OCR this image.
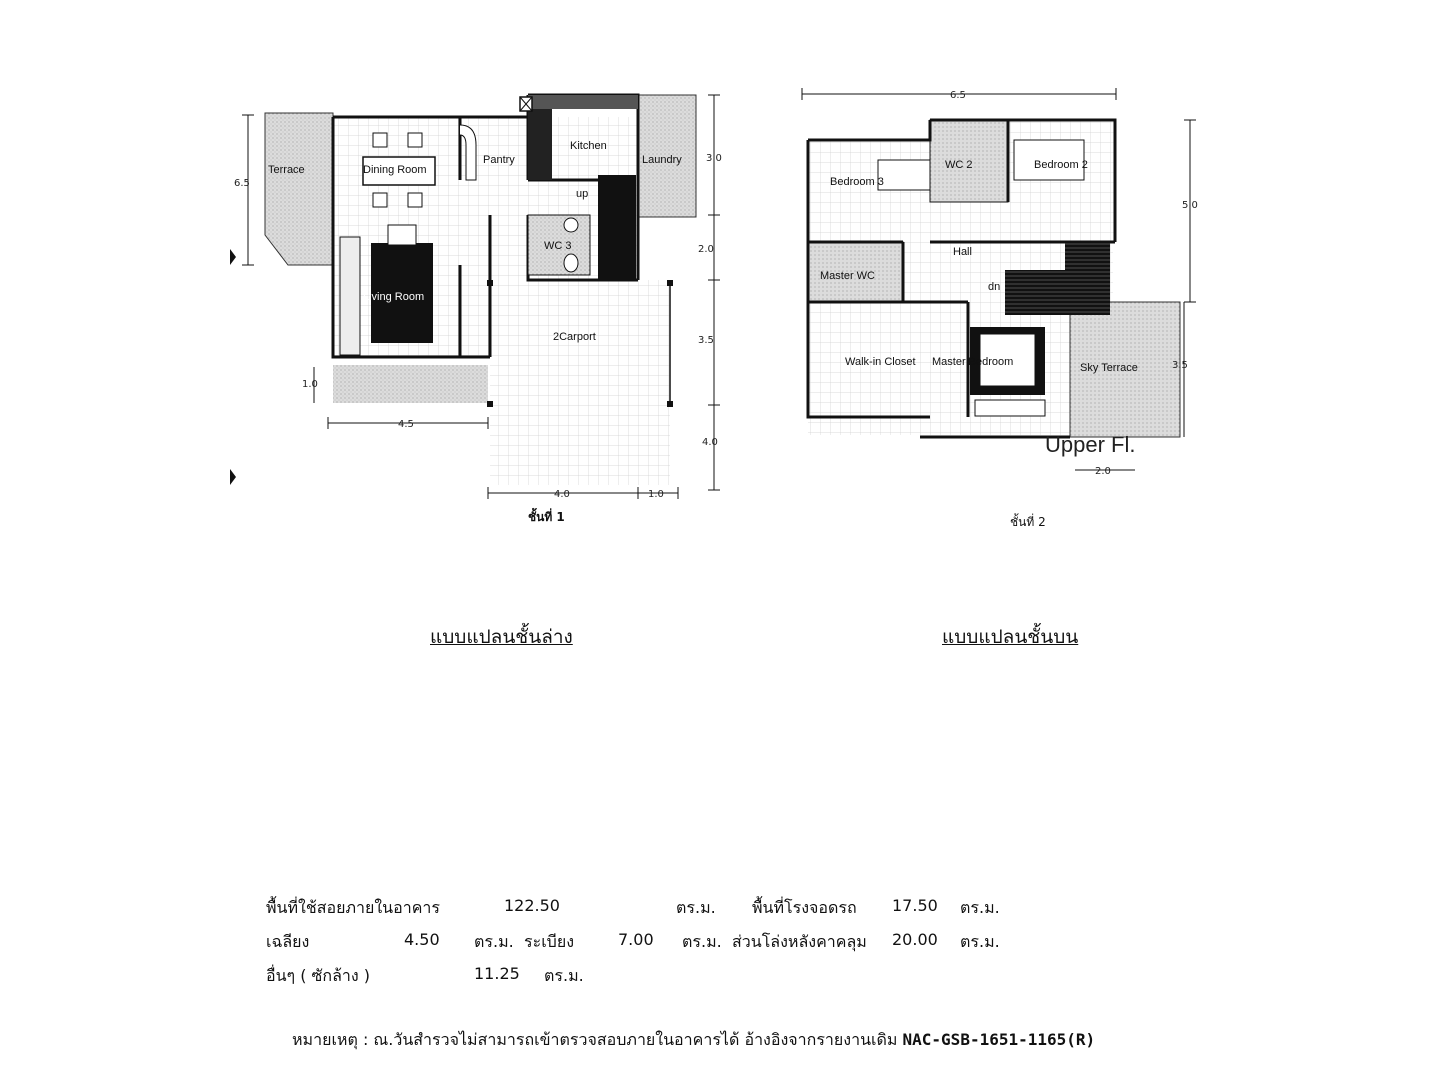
Terrace	Dining Room
Pantry
Kitchen
Laundry
up
WC 3
Living Room
2Carport
6.5
3.0
2.0
3.5
4.0
1.0
4.5
4.0	1.0
ชั้นที่ 1
Bedroom 3
WC 2	Bedroom 2
Hall
Master WC
dn
Walk-in Closet Master Bedroom	Sky Terrace
6.5
5.0
3.5
2.0
Upper Fl.
ชั้นที่ 2
แบบแปลนชั้นล่าง	แบบแปลนชั้นบน
พื้นที่ใช้สอยภายในอาคาร	122.50	ตร.ม. พื้นที่โรงจอดรถ 17.50 ตร.ม.
เฉลียง	4.50 ตร.ม. ระเบียง	7.00 ตร.ม. ส่วนโล่งหลังคาคลุม 20.00 ตร.ม.
อื่นๆ ( ซักล้าง )	11.25 ตร.ม.
หมายเหตุ : ณ.วันสำรวจไม่สามารถเข้าตรวจสอบภายในอาคารได้ อ้างอิงจากรายงานเดิม NAC-GSB-1651-1165(R)
